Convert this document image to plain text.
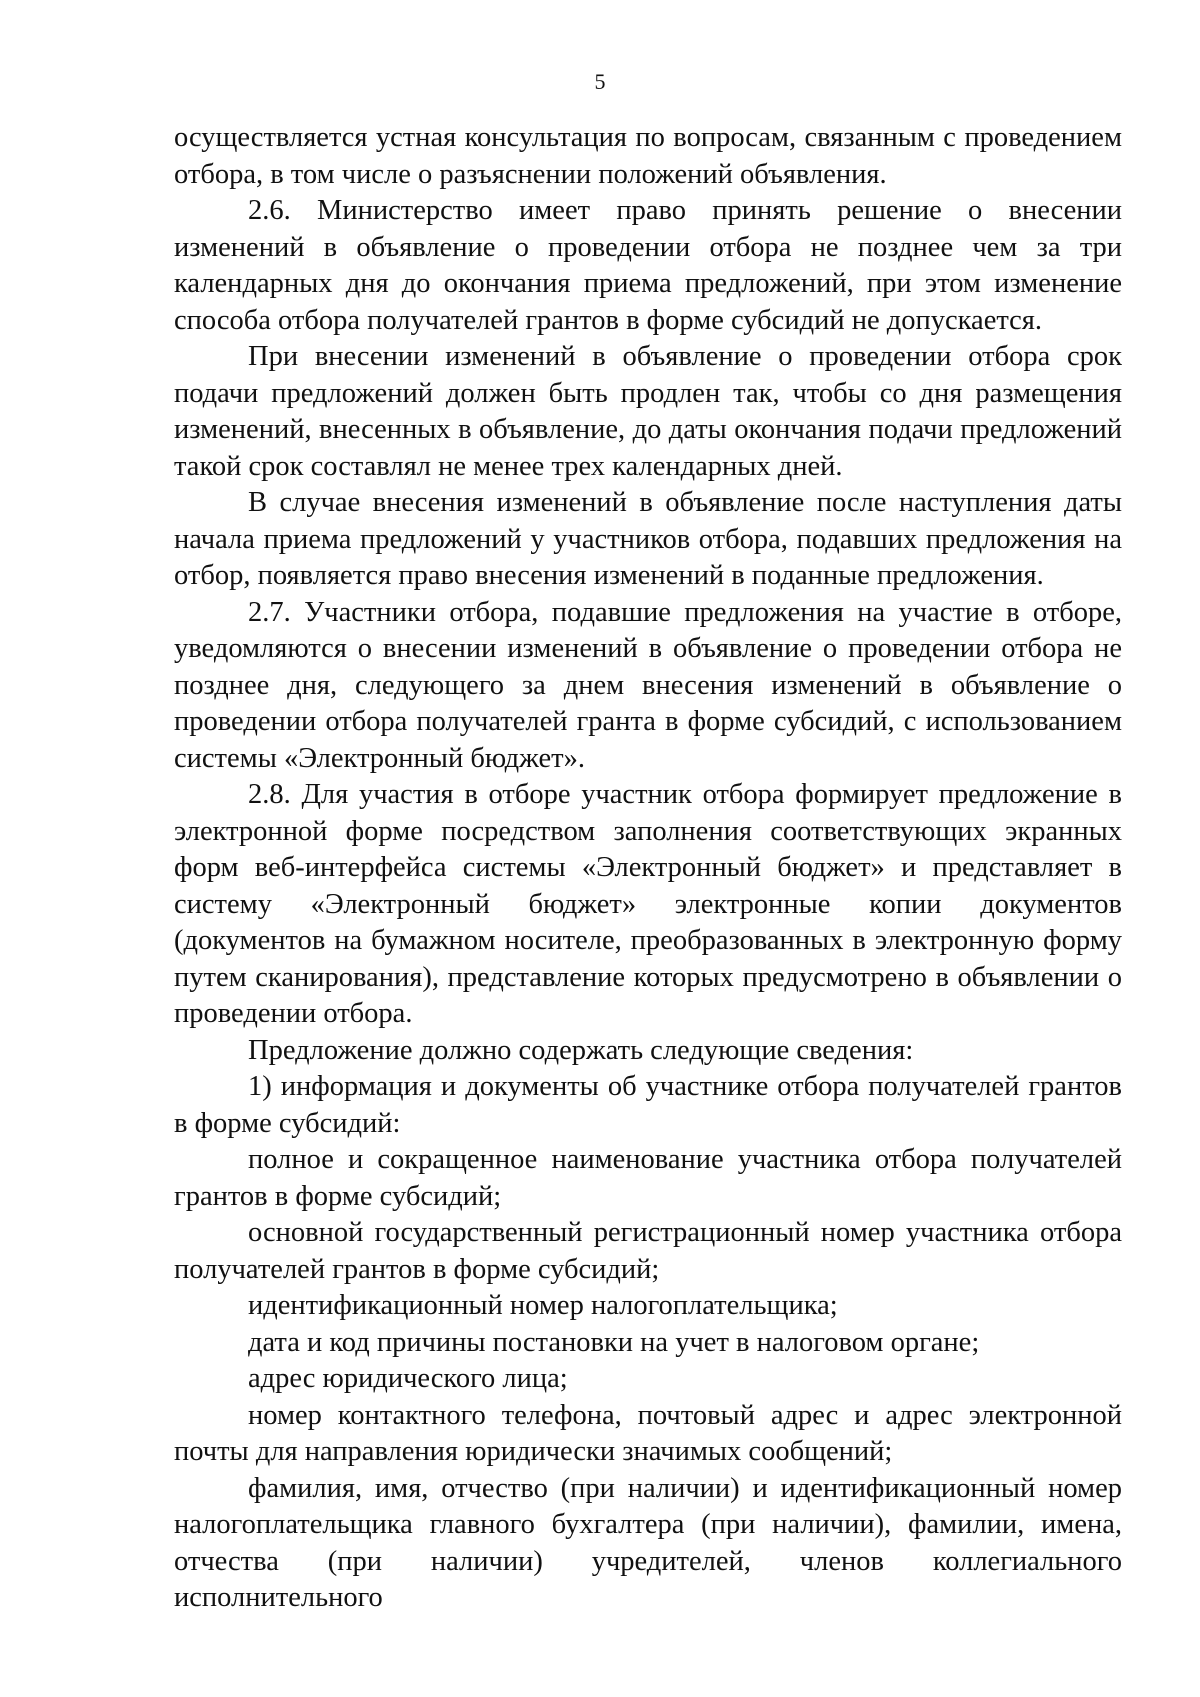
5

осуществляется устная консультация по вопросам, связанным с проведением отбора, в том числе о разъяснении положений объявления.

2.6. Министерство имеет право принять решение о внесении изменений в объявление о проведении отбора не позднее чем за три календарных дня до окончания приема предложений, при этом изменение способа отбора получателей грантов в форме субсидий не допускается.

При внесении изменений в объявление о проведении отбора срок подачи предложений должен быть продлен так, чтобы со дня размещения изменений, внесенных в объявление, до даты окончания подачи предложений такой срок составлял не менее трех календарных дней.

В случае внесения изменений в объявление после наступления даты начала приема предложений у участников отбора, подавших предложения на отбор, появляется право внесения изменений в поданные предложения.

2.7. Участники отбора, подавшие предложения на участие в отборе, уведомляются о внесении изменений в объявление о проведении отбора не позднее дня, следующего за днем внесения изменений в объявление о проведении отбора получателей гранта в форме субсидий, с использованием системы «Электронный бюджет».

2.8. Для участия в отборе участник отбора формирует предложение в электронной форме посредством заполнения соответствующих экранных форм веб-интерфейса системы «Электронный бюджет» и представляет в систему «Электронный бюджет» электронные копии документов (документов на бумажном носителе, преобразованных в электронную форму путем сканирования), представление которых предусмотрено в объявлении о проведении отбора.

Предложение должно содержать следующие сведения:

1) информация и документы об участнике отбора получателей грантов в форме субсидий:

полное и сокращенное наименование участника отбора получателей грантов в форме субсидий;

основной государственный регистрационный номер участника отбора получателей грантов в форме субсидий;

идентификационный номер налогоплательщика;

дата и код причины постановки на учет в налоговом органе;

адрес юридического лица;

номер контактного телефона, почтовый адрес и адрес электронной почты для направления юридически значимых сообщений;

фамилия, имя, отчество (при наличии) и идентификационный номер налогоплательщика главного бухгалтера (при наличии), фамилии, имена, отчества (при наличии) учредителей, членов коллегиального исполнительного
